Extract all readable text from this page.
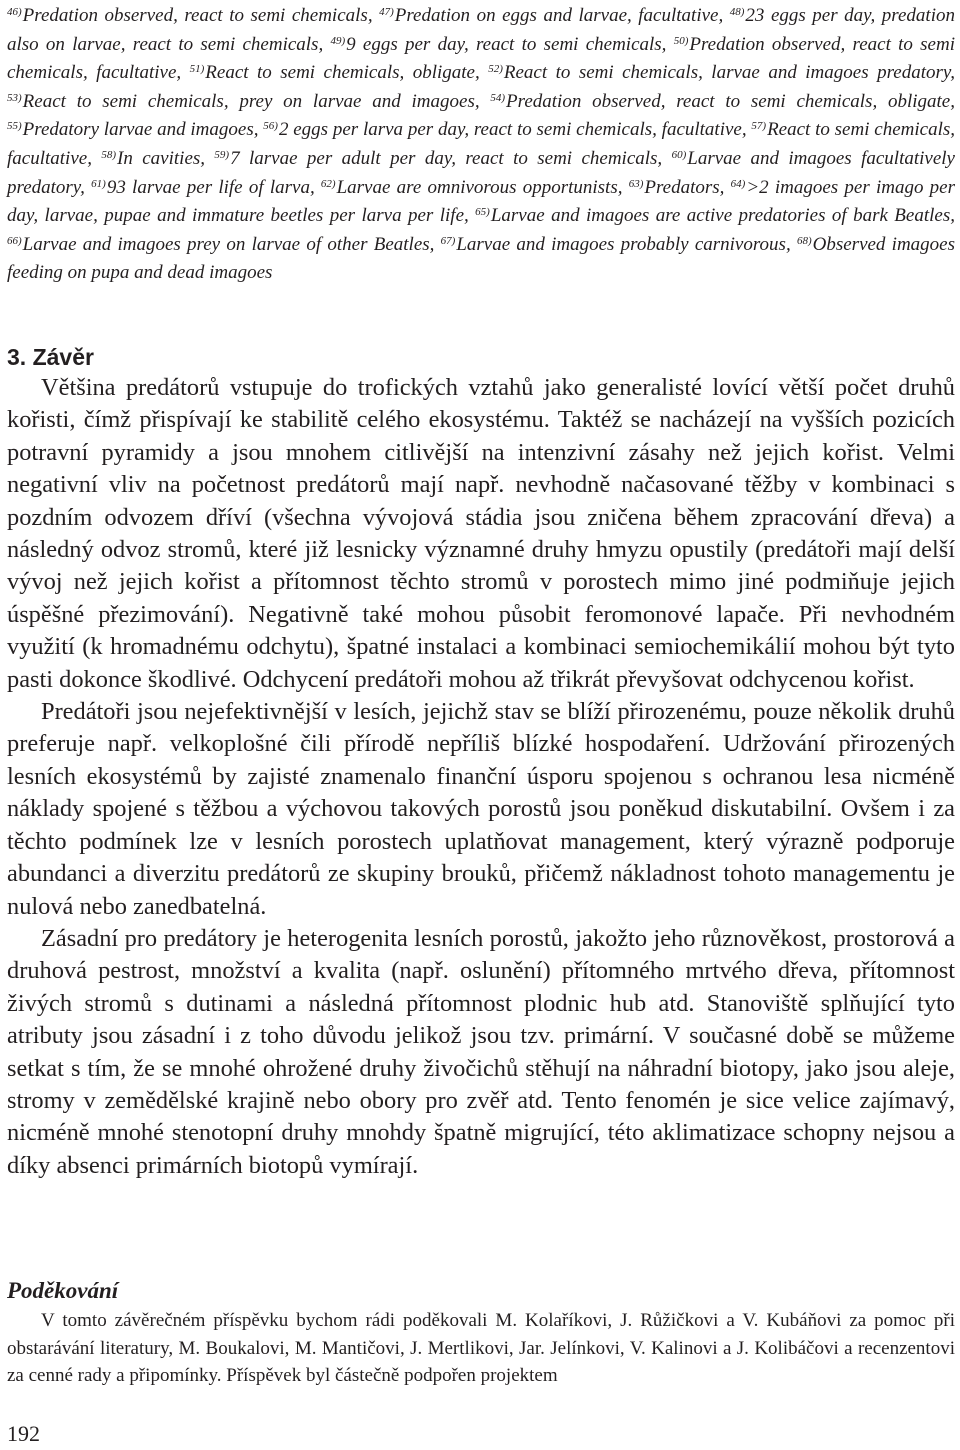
$^{46)}$Predation observed, react to semi chemicals, $^{47)}$Predation on eggs and larvae, facultative, $^{48)}$23 eggs per day, predation also on larvae, react to semi chemicals, $^{49)}$9 eggs per day, react to semi chemicals, $^{50)}$Predation observed, react to semi chemicals, facultative, $^{51)}$React to semi chemicals, obligate, $^{52)}$React to semi chemicals, larvae and imagoes predatory, $^{53)}$React to semi chemicals, prey on larvae and imagoes, $^{54)}$Predation observed, react to semi chemicals, obligate, $^{55)}$Predatory larvae and imagoes, $^{56)}$2 eggs per larva per day, react to semi chemicals, facultative, $^{57)}$React to semi chemicals, facultative, $^{58)}$In cavities, $^{59)}$7 larvae per adult per day, react to semi chemicals, $^{60)}$Larvae and imagoes facultatively predatory, $^{61)}$93 larvae per life of larva, $^{62)}$Larvae are omnivorous opportunists, $^{63)}$Predators, $^{64)}$>2 imagoes per imago per day, larvae, pupae and immature beetles per larva per life, $^{65)}$Larvae and imagoes are active predatories of bark Beatles, $^{66)}$Larvae and imagoes prey on larvae of other Beatles, $^{67)}$Larvae and imagoes probably carnivorous, $^{68)}$Observed imagoes feeding on pupa and dead imagoes
3. Závěr

Většina predátorů vstupuje do trofických vztahů jako generalisté lovící větší počet druhů kořisti, čímž přispívají ke stabilitě celého ekosystému. Taktéž se nacházejí na vyšších pozicích potravní pyramidy a jsou mnohem citlivější na intenzivní zásahy než jejich kořist. Velmi negativní vliv na početnost predátorů mají např. nevhodně načasované těžby v kombinaci s pozdním odvozem dříví (všechna vývojová stádia jsou zničena během zpracování dřeva) a následný odvoz stromů, které již lesnicky významné druhy hmyzu opustily (predátoři mají delší vývoj než jejich kořist a přítomnost těchto stromů v porostech mimo jiné podmiňuje jejich úspěšné přezimování). Negativně také mohou působit feromonové lapače. Při nevhodném využití (k hromadnému odchytu), špatné instalaci a kombinaci semiochemikálií mohou být tyto pasti dokonce škodlivé. Odchycení predátoři mohou až třikrát převyšovat odchycenou kořist.

Predátoři jsou nejefektivnější v lesích, jejichž stav se blíží přirozenému, pouze několik druhů preferuje např. velkoplošné čili přírodě nepříliš blízké hospodaření. Udržování přirozených lesních ekosystémů by zajisté znamenalo finanční úsporu spojenou s ochranou lesa nicméně náklady spojené s těžbou a výchovou takových porostů jsou poněkud diskutabilní. Ovšem i za těchto podmínek lze v lesních porostech uplatňovat management, který výrazně podporuje abundanci a diverzitu predátorů ze skupiny brouků, přičemž nákladnost tohoto managementu je nulová nebo zanedbatelná.

Zásadní pro predátory je heterogenita lesních porostů, jakožto jeho různověkost, prostorová a druhová pestrost, množství a kvalita (např. oslunění) přítomného mrtvého dřeva, přítomnost živých stromů s dutinami a následná přítomnost plodnic hub atd. Stanoviště splňující tyto atributy jsou zásadní i z toho důvodu jelikož jsou tzv. primární. V současné době se můžeme setkat s tím, že se mnohé ohrožené druhy živočichů stěhují na náhradní biotopy, jako jsou aleje, stromy v zemědělské krajině nebo obory pro zvěř atd. Tento fenomén je sice velice zajímavý, nicméně mnohé stenotopní druhy mnohdy špatně migrující, této aklimatizace schopny nejsou a díky absenci primárních biotopů vymírají.

Poděkování

V tomto závěrečném příspěvku bychom rádi poděkovali M. Kolaříkovi, J. Růžičkovi a V. Kubáňovi za pomoc při obstarávání literatury, M. Boukalovi, M. Mantičovi, J. Mertlikovi, Jar. Jelínkovi, V. Kalinovi a J. Kolibáčovi a recenzentovi za cenné rady a připomínky. Příspěvek byl částečně podpořen projektem

192
